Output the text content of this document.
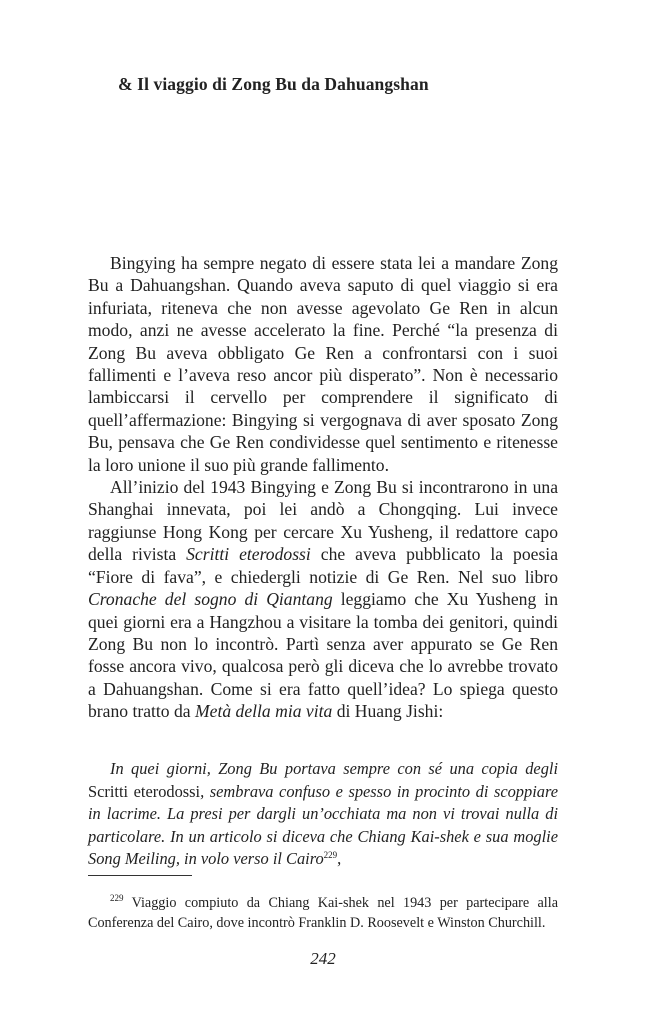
& Il viaggio di Zong Bu da Dahuangshan

Bingying ha sempre negato di essere stata lei a mandare Zong Bu a Dahuangshan. Quando aveva saputo di quel viaggio si era infuriata, riteneva che non avesse agevolato Ge Ren in alcun modo, anzi ne avesse accelerato la fine. Perché “la presenza di Zong Bu aveva obbligato Ge Ren a confrontarsi con i suoi fallimenti e l’aveva reso ancor più disperato”. Non è necessario lambiccarsi il cervello per comprendere il significato di quell’affermazione: Bingying si vergognava di aver sposato Zong Bu, pensava che Ge Ren condividesse quel sentimento e ritenesse la loro unione il suo più grande fallimento.

All’inizio del 1943 Bingying e Zong Bu si incontrarono in una Shanghai innevata, poi lei andò a Chongqing. Lui invece raggiunse Hong Kong per cercare Xu Yusheng, il redattore capo della rivista Scritti eterodossi che aveva pubblicato la poesia “Fiore di fava”, e chiedergli notizie di Ge Ren. Nel suo libro Cronache del sogno di Qiantang leggiamo che Xu Yusheng in quei giorni era a Hangzhou a visitare la tomba dei genitori, quindi Zong Bu non lo incontrò. Partì senza aver appurato se Ge Ren fosse ancora vivo, qualcosa però gli diceva che lo avrebbe trovato a Dahuangshan. Come si era fatto quell’idea? Lo spiega questo brano tratto da Metà della mia vita di Huang Jishi:

In quei giorni, Zong Bu portava sempre con sé una copia degli Scritti eterodossi, sembrava confuso e spesso in procinto di scoppiare in lacrime. La presi per dargli un’occhiata ma non vi trovai nulla di particolare. In un articolo si diceva che Chiang Kai-shek e sua moglie Song Meiling, in volo verso il Cairo$^{229}$,

$^{229}$ Viaggio compiuto da Chiang Kai-shek nel 1943 per partecipare alla Conferenza del Cairo, dove incontrò Franklin D. Roosevelt e Winston Churchill.

242
